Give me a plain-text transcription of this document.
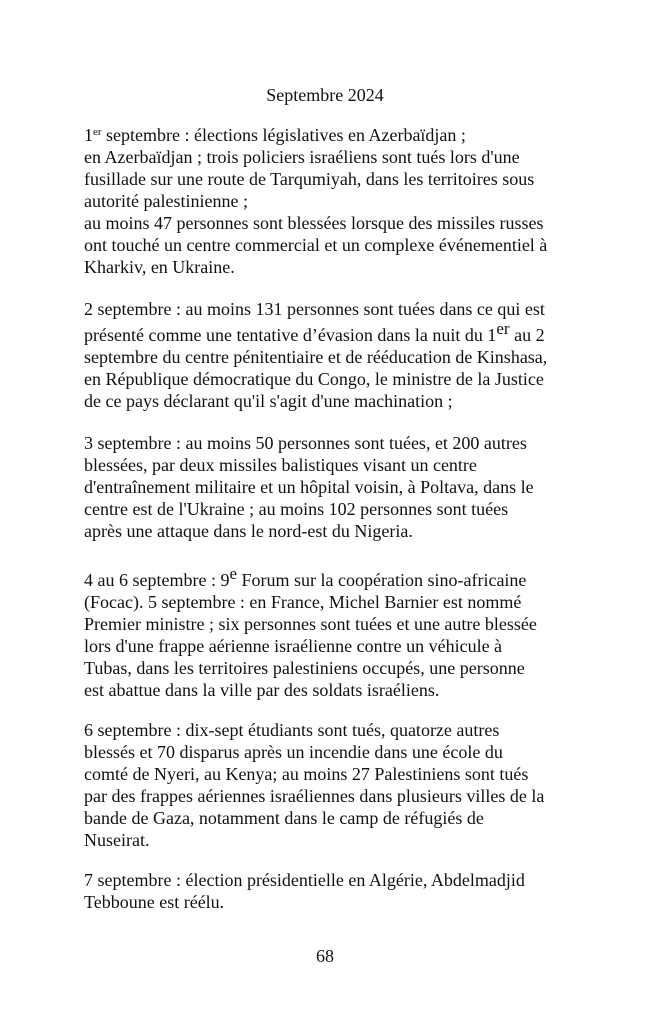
Septembre 2024
1er septembre : élections législatives en Azerbaïdjan ;
en Azerbaïdjan ; trois policiers israéliens sont tués lors d'une
fusillade sur une route de Tarqumiyah, dans les territoires sous
autorité palestinienne ;
au moins 47 personnes sont blessées lorsque des missiles russes
ont touché un centre commercial et un complexe événementiel à
Kharkiv, en Ukraine.
2 septembre : au moins 131 personnes sont tuées dans ce qui est
présenté comme une tentative d’évasion dans la nuit du 1er au 2
septembre du centre pénitentiaire et de rééducation de Kinshasa,
en République démocratique du Congo, le ministre de la Justice
de ce pays déclarant qu'il s'agit d'une machination ;
3 septembre : au moins 50 personnes sont tuées, et 200 autres
blessées, par deux missiles balistiques visant un centre
d'entraînement militaire et un hôpital voisin, à Poltava, dans le
centre est de l'Ukraine ; au moins 102 personnes sont tuées
après une attaque dans le nord-est du Nigeria.
4 au 6 septembre : 9e Forum sur la coopération sino-africaine
(Focac). 5 septembre : en France, Michel Barnier est nommé
Premier ministre ; six personnes sont tuées et une autre blessée
lors d'une frappe aérienne israélienne contre un véhicule à
Tubas, dans les territoires palestiniens occupés, une personne
est abattue dans la ville par des soldats israéliens.
6 septembre : dix-sept étudiants sont tués, quatorze autres
blessés et 70 disparus après un incendie dans une école du
comté de Nyeri, au Kenya; au moins 27 Palestiniens sont tués
par des frappes aériennes israéliennes dans plusieurs villes de la
bande de Gaza, notamment dans le camp de réfugiés de
Nuseirat.
7 septembre : élection présidentielle en Algérie, Abdelmadjid
Tebboune est réélu.
68
